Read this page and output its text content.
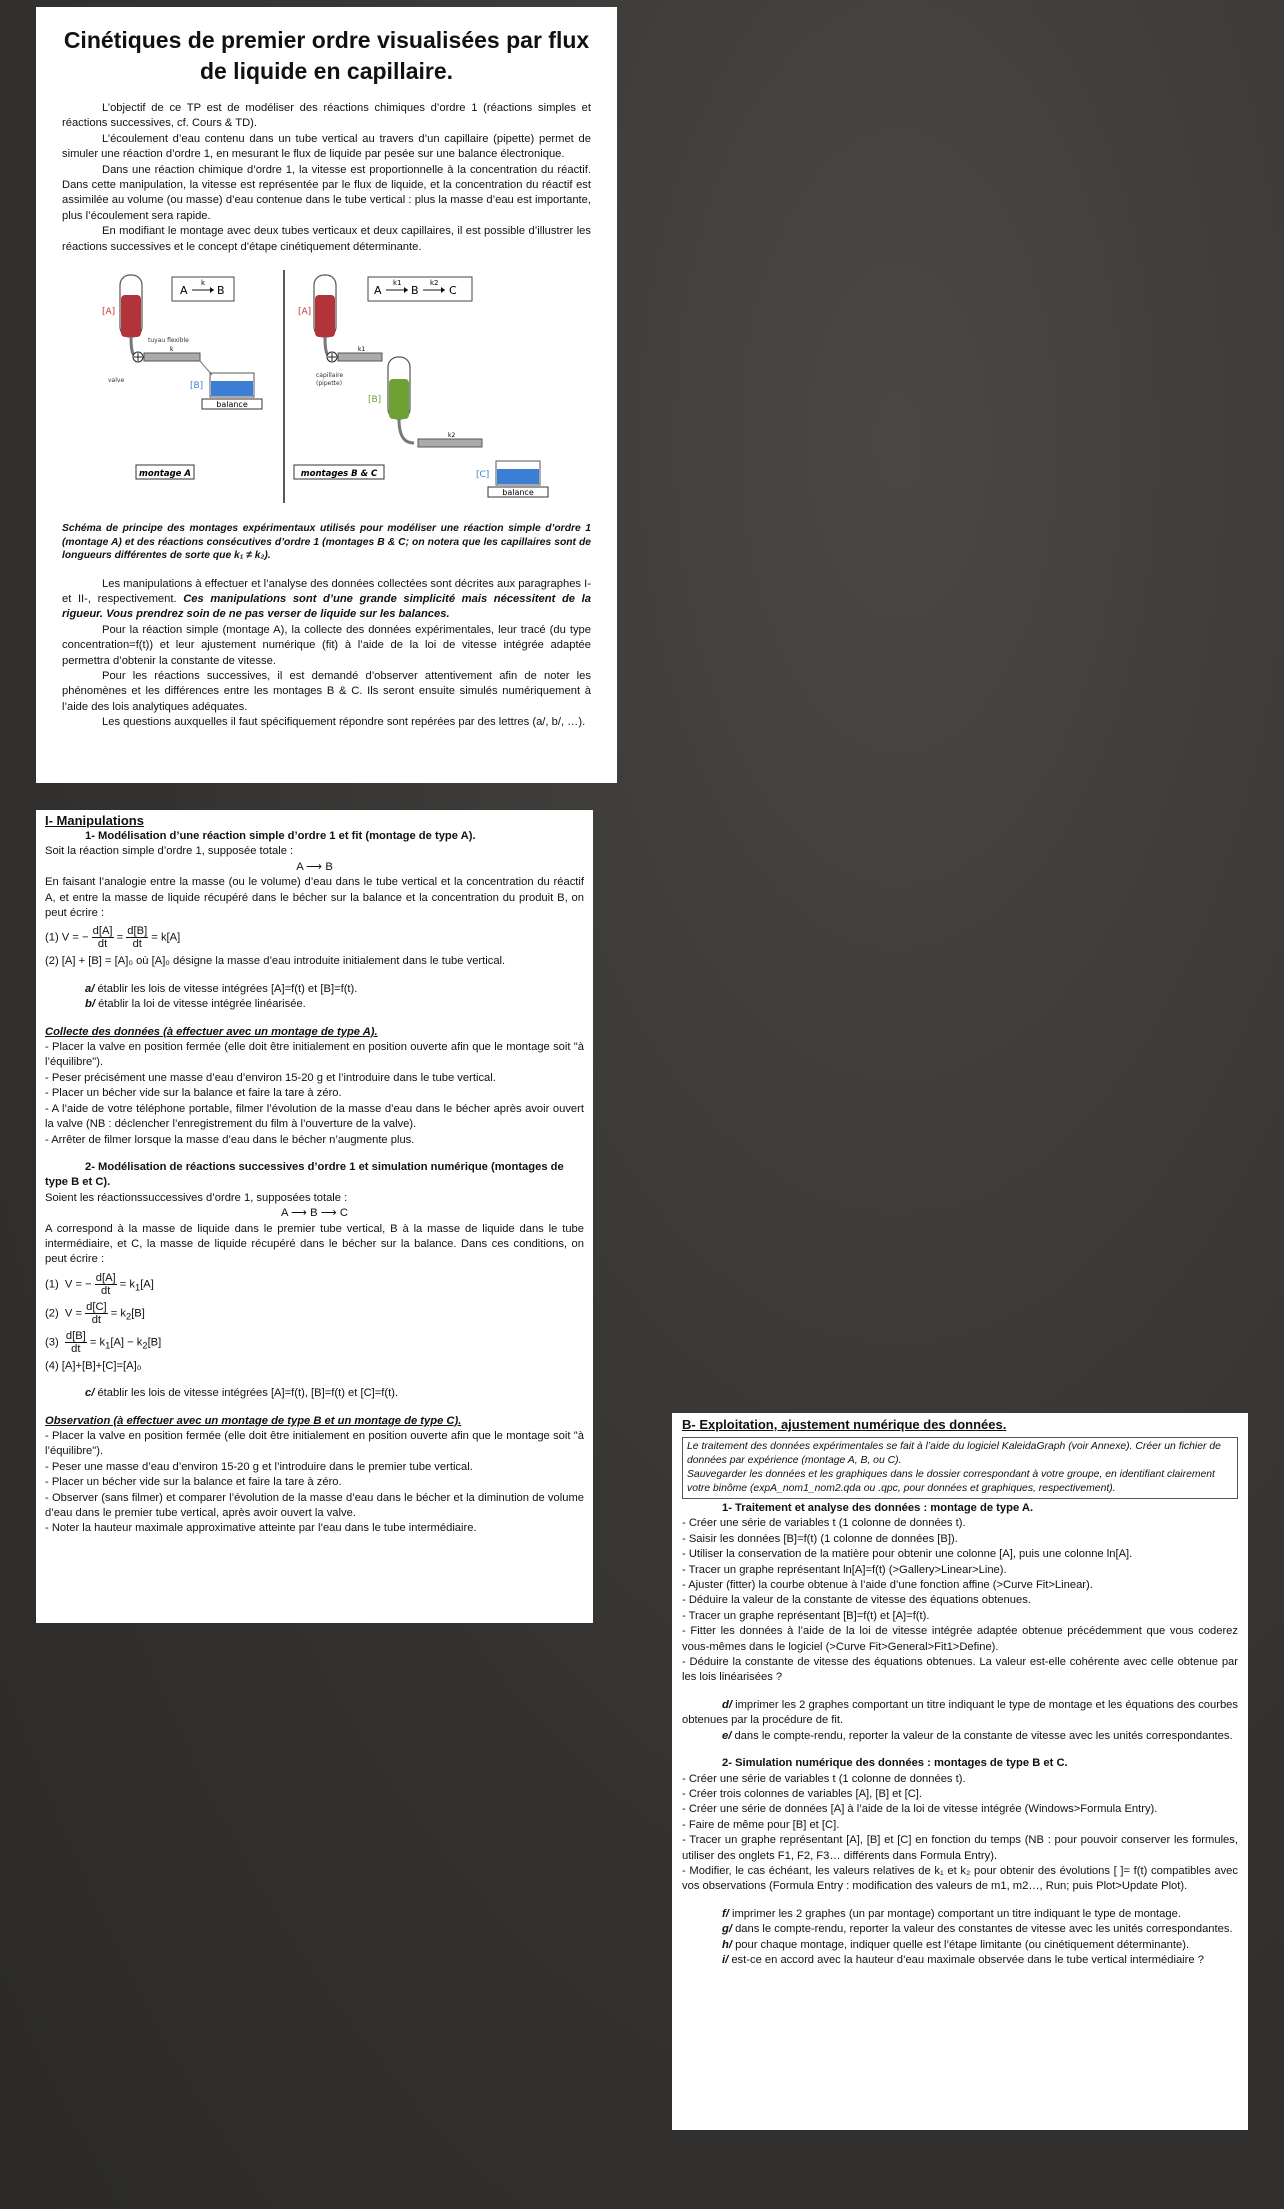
Cinétiques de premier ordre visualisées par flux de liquide en capillaire.

L’objectif de ce TP est de modéliser des réactions chimiques d’ordre 1 (réactions simples et réactions successives, cf. Cours & TD).

L’écoulement d’eau contenu dans un tube vertical au travers d’un capillaire (pipette) permet de simuler une réaction d’ordre 1, en mesurant le flux de liquide par pesée sur une balance électronique.

Dans une réaction chimique d’ordre 1, la vitesse est proportionnelle à la concentration du réactif. Dans cette manipulation, la vitesse est représentée par le flux de liquide, et la concentration du réactif est assimilée au volume (ou masse) d’eau contenue dans le tube vertical : plus la masse d’eau est importante, plus l’écoulement sera rapide.

En modifiant le montage avec deux tubes verticaux et deux capillaires, il est possible d’illustrer les réactions successives et le concept d’étape cinétiquement déterminante.

[A]
tuyau flexible
valve
k
[B]
balance
A
k
B
montage A
[A]
k1
capillaire
(pipette)
[B]
k2
[C]
balance
A
k1
B
k2
C
montages B & C

Schéma de principe des montages expérimentaux utilisés pour modéliser une réaction simple d’ordre 1 (montage A) et des réactions consécutives d’ordre 1 (montages B & C; on notera que les capillaires sont de longueurs différentes de sorte que k₁ ≠ k₂).

Les manipulations à effectuer et l’analyse des données collectées sont décrites aux paragraphes I- et II-, respectivement. Ces manipulations sont d’une grande simplicité mais nécessitent de la rigueur. Vous prendrez soin de ne pas verser de liquide sur les balances.

Pour la réaction simple (montage A), la collecte des données expérimentales, leur tracé (du type concentration=f(t)) et leur ajustement numérique (fit) à l’aide de la loi de vitesse intégrée adaptée permettra d’obtenir la constante de vitesse.

Pour les réactions successives, il est demandé d’observer attentivement afin de noter les phénomènes et les différences entre les montages B & C. Ils seront ensuite simulés numériquement à l’aide des lois analytiques adéquates.

Les questions auxquelles il faut spécifiquement répondre sont repérées par des lettres (a/, b/, …).

I- Manipulations

1- Modélisation d’une réaction simple d’ordre 1 et fit (montage de type A).

Soit la réaction simple d’ordre 1, supposée totale :

A ⟶ B

En faisant l’analogie entre la masse (ou le volume) d’eau dans le tube vertical et la concentration du réactif A, et entre la masse de liquide récupéré dans le bécher sur la balance et la concentration du produit B, on peut écrire :

(1) V = − $\frac{d[A]}{dt} = \frac{d[B]}{dt} = k[A]$

(2) [A] + [B] = [A]₀ où [A]₀ désigne la masse d’eau introduite initialement dans le tube vertical.

a/ établir les lois de vitesse intégrées [A]=f(t) et [B]=f(t).

b/ établir la loi de vitesse intégrée linéarisée.

Collecte des données (à effectuer avec un montage de type A).

- Placer la valve en position fermée (elle doit être initialement en position ouverte afin que le montage soit "à l’équilibre").

- Peser précisément une masse d’eau d’environ 15-20 g et l’introduire dans le tube vertical.

- Placer un bécher vide sur la balance et faire la tare à zéro.

- A l’aide de votre téléphone portable, filmer l’évolution de la masse d’eau dans le bécher après avoir ouvert la valve (NB : déclencher l’enregistrement du film à l’ouverture de la valve).

- Arrêter de filmer lorsque la masse d’eau dans le bécher n’augmente plus.

2- Modélisation de réactions successives d’ordre 1 et simulation numérique (montages de type B et C).

Soient les réactionssuccessives d’ordre 1, supposées totale :

A ⟶ B ⟶ C

A correspond à la masse de liquide dans le premier tube vertical, B à la masse de liquide dans le tube intermédiaire, et C, la masse de liquide récupéré dans le bécher sur la balance. Dans ces conditions, on peut écrire :

(1)  V = − $\frac{d[A]}{dt} = k_1[A]$
(2)  $V = \frac{d[C]}{dt} = k_2[B]$
$(3) \frac{d[B]}{dt} = k_1[A] - k_2[B]$

(4) [A]+[B]+[C]=[A]₀

c/ établir les lois de vitesse intégrées [A]=f(t), [B]=f(t) et [C]=f(t).

Observation (à effectuer avec un montage de type B et un montage de type C).

- Placer la valve en position fermée (elle doit être initialement en position ouverte afin que le montage soit "à l’équilibre").

- Peser une masse d’eau d’environ 15-20 g et l’introduire dans le premier tube vertical.

- Placer un bécher vide sur la balance et faire la tare à zéro.

- Observer (sans filmer) et comparer l’évolution de la masse d’eau dans le bécher et la diminution de volume d’eau dans le premier tube vertical, après avoir ouvert la valve.

- Noter la hauteur maximale approximative atteinte par l’eau dans le tube intermédiaire.

B- Exploitation, ajustement numérique des données.

Le traitement des données expérimentales se fait à l’aide du logiciel KaleidaGraph (voir Annexe). Créer un fichier de données par expérience (montage A, B, ou C).
Sauvegarder les données et les graphiques dans le dossier correspondant à votre groupe, en identifiant clairement votre binôme (expA_nom1_nom2.qda ou .qpc, pour données et graphiques, respectivement).

1- Traitement et analyse des données : montage de type A.

- Créer une série de variables t (1 colonne de données t).

- Saisir les données [B]=f(t) (1 colonne de données [B]).

- Utiliser la conservation de la matière pour obtenir une colonne [A], puis une colonne ln[A].

- Tracer un graphe représentant ln[A]=f(t) (>Gallery>Linear>Line).

- Ajuster (fitter) la courbe obtenue à l’aide d’une fonction affine (>Curve Fit>Linear).

- Déduire la valeur de la constante de vitesse des équations obtenues.

- Tracer un graphe représentant [B]=f(t) et [A]=f(t).

- Fitter les données à l’aide de la loi de vitesse intégrée adaptée obtenue précédemment que vous coderez vous-mêmes dans le logiciel (>Curve Fit>General>Fit1>Define).

- Déduire la constante de vitesse des équations obtenues. La valeur est-elle cohérente avec celle obtenue par les lois linéarisées ?

d/ imprimer les 2 graphes comportant un titre indiquant le type de montage et les équations des courbes obtenues par la procédure de fit.

e/ dans le compte-rendu, reporter la valeur de la constante de vitesse avec les unités correspondantes.

2- Simulation numérique des données : montages de type B et C.

- Créer une série de variables t (1 colonne de données t).

- Créer trois colonnes de variables [A], [B] et [C].

- Créer une série de données [A] à l’aide de la loi de vitesse intégrée (Windows>Formula Entry).

- Faire de même pour [B] et [C].

- Tracer un graphe représentant [A], [B] et [C] en fonction du temps (NB : pour pouvoir conserver les formules, utiliser des onglets F1, F2, F3… différents dans Formula Entry).

- Modifier, le cas échéant, les valeurs relatives de k₁ et k₂ pour obtenir des évolutions [ ]= f(t) compatibles avec vos observations (Formula Entry : modification des valeurs de m1, m2…, Run; puis Plot>Update Plot).

f/ imprimer les 2 graphes (un par montage) comportant un titre indiquant le type de montage.

g/ dans le compte-rendu, reporter la valeur des constantes de vitesse avec les unités correspondantes.

h/ pour chaque montage, indiquer quelle est l’étape limitante (ou cinétiquement déterminante).

i/ est-ce en accord avec la hauteur d’eau maximale observée dans le tube vertical intermédiaire ?
